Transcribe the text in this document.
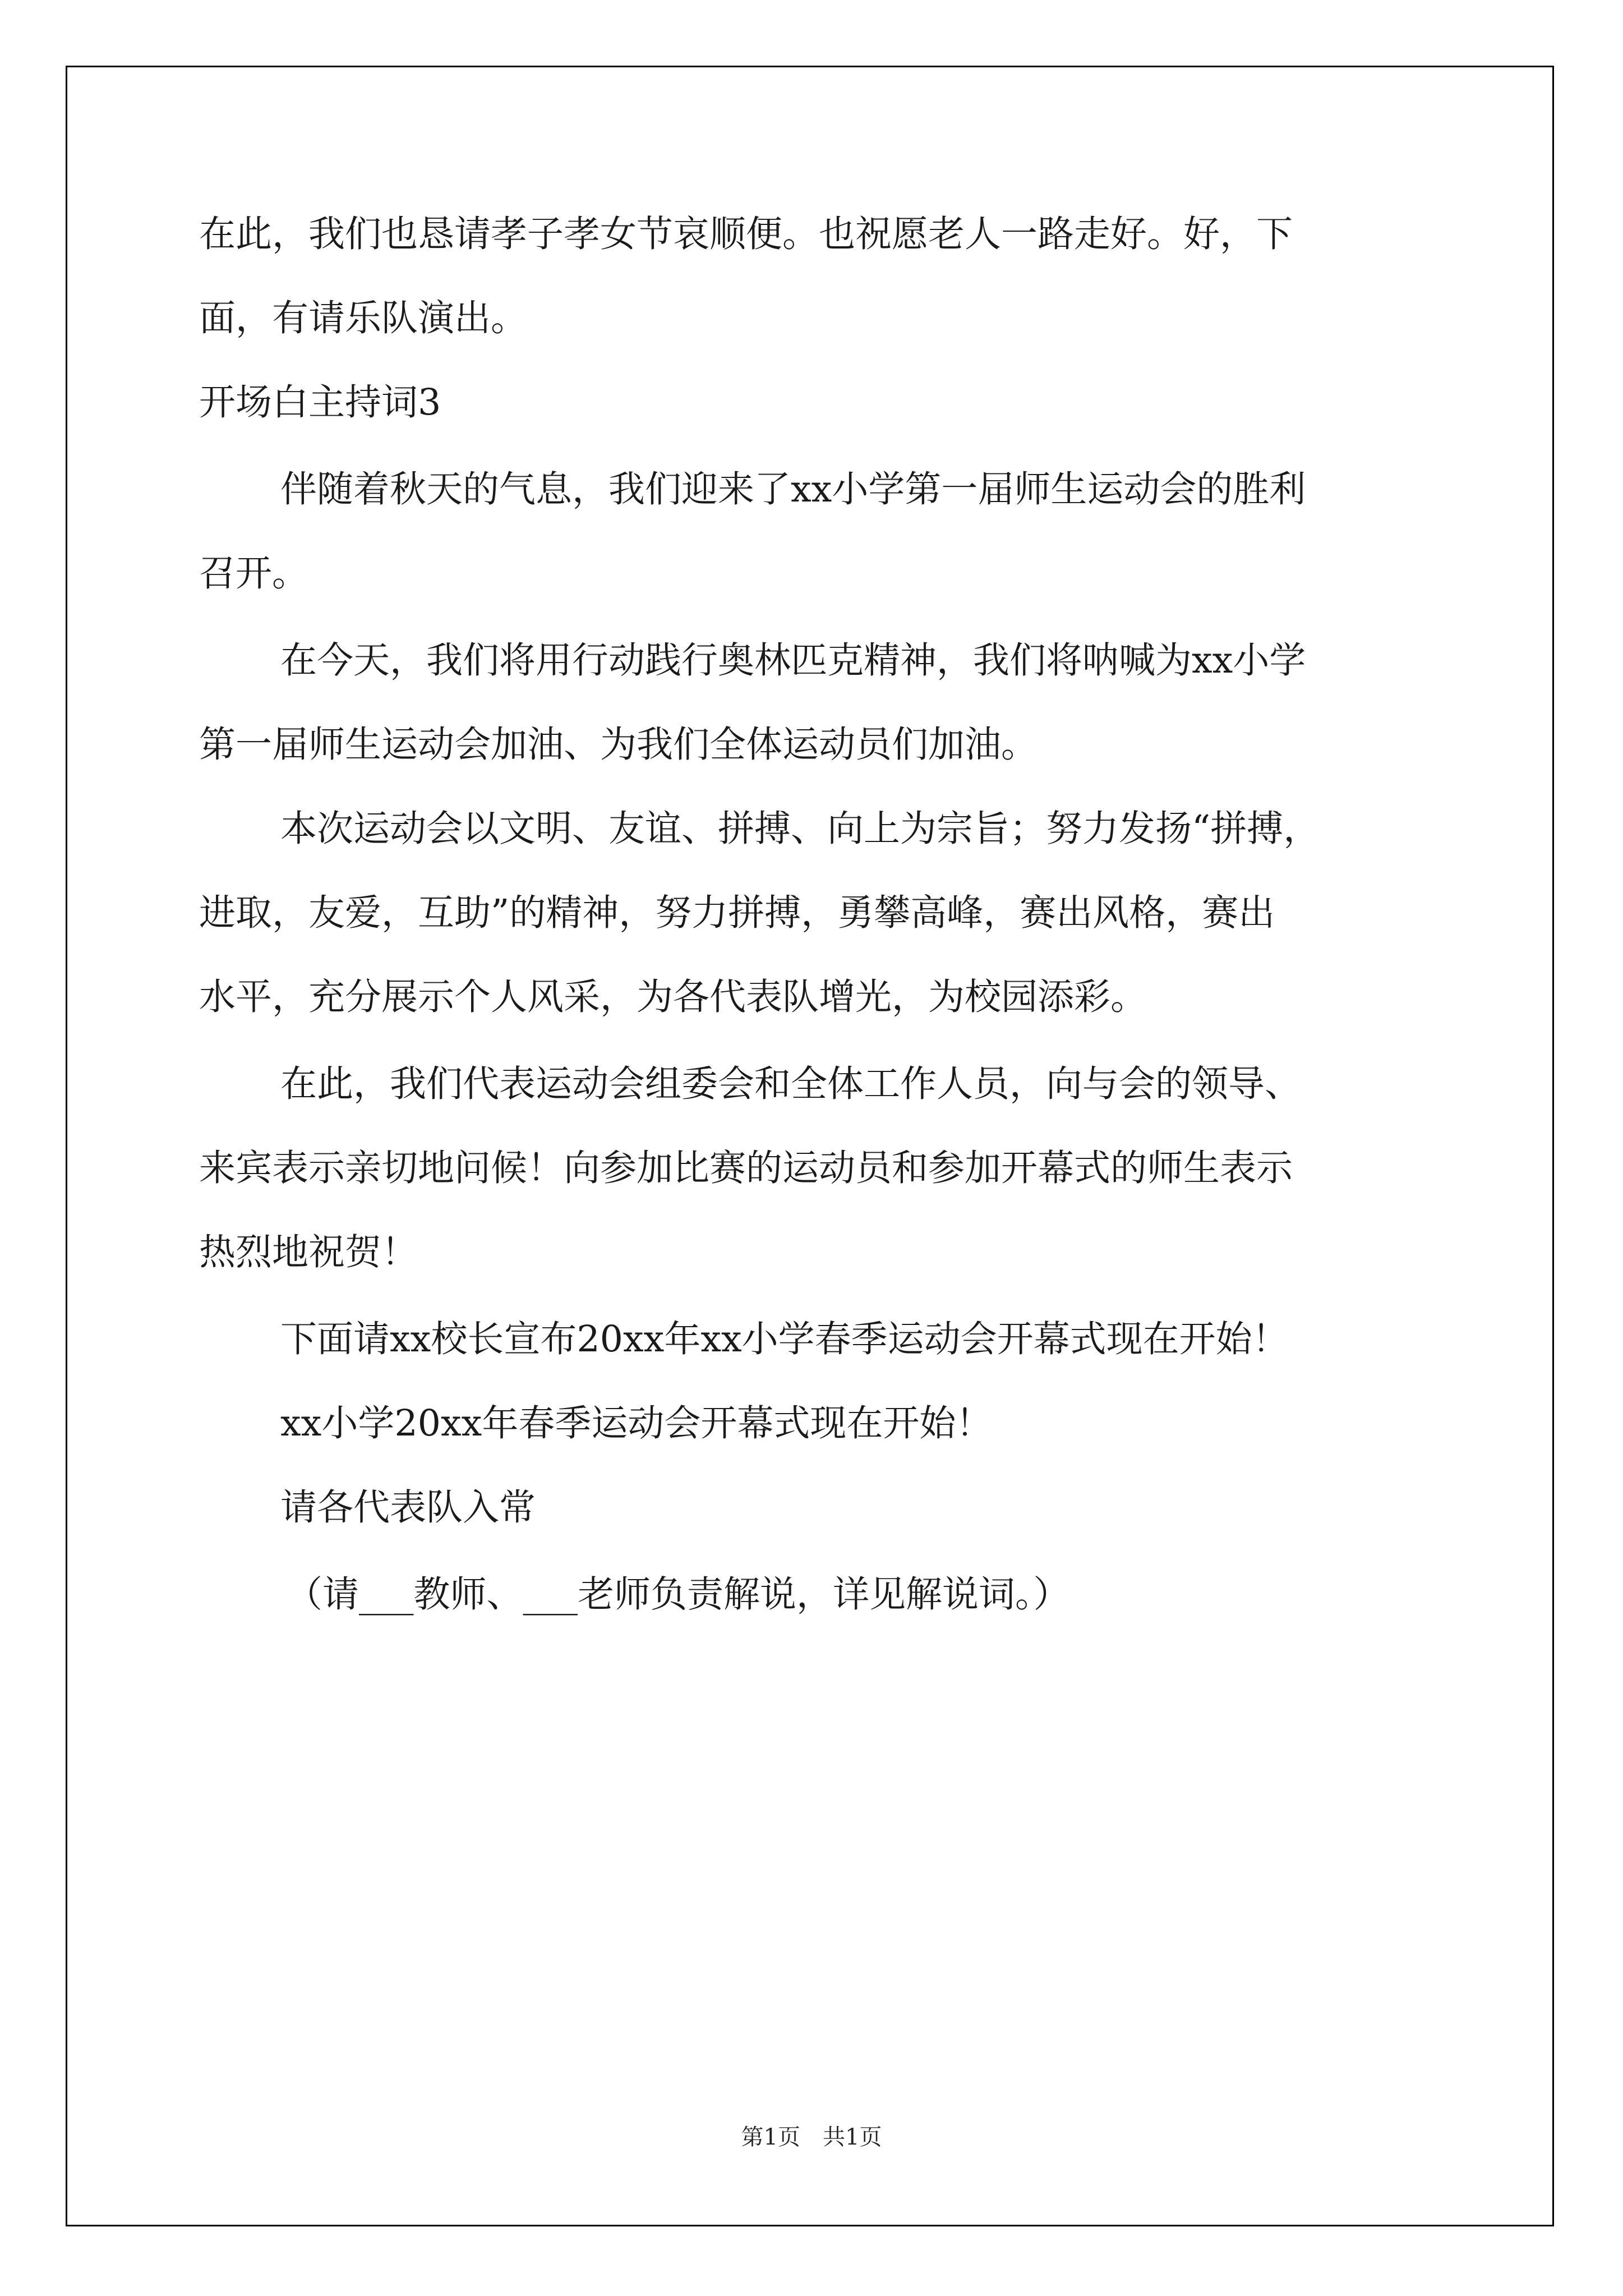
在此，我们也恳请孝子孝女节哀顺便。也祝愿老人一路走好。好，下
面，有请乐队演出。
开场白主持词3
伴随着秋天的气息，我们迎来了xx小学第一届师生运动会的胜利
召开。
在今天，我们将用行动践行奥林匹克精神，我们将呐喊为xx小学
第一届师生运动会加油、为我们全体运动员们加油。
本次运动会以文明、友谊、拼搏、向上为宗旨；努力发扬“拼搏，
进取，友爱，互助”的精神，努力拼搏，勇攀高峰，赛出风格，赛出
水平，充分展示个人风采，为各代表队增光，为校园添彩。
在此，我们代表运动会组委会和全体工作人员，向与会的领导、
来宾表示亲切地问候！向参加比赛的运动员和参加开幕式的师生表示
热烈地祝贺！
下面请xx校长宣布20xx年xx小学春季运动会开幕式现在开始！
xx小学20xx年春季运动会开幕式现在开始！
请各代表队入常
（请___教师、___老师负责解说，详见解说词。）
第1页　共1页
